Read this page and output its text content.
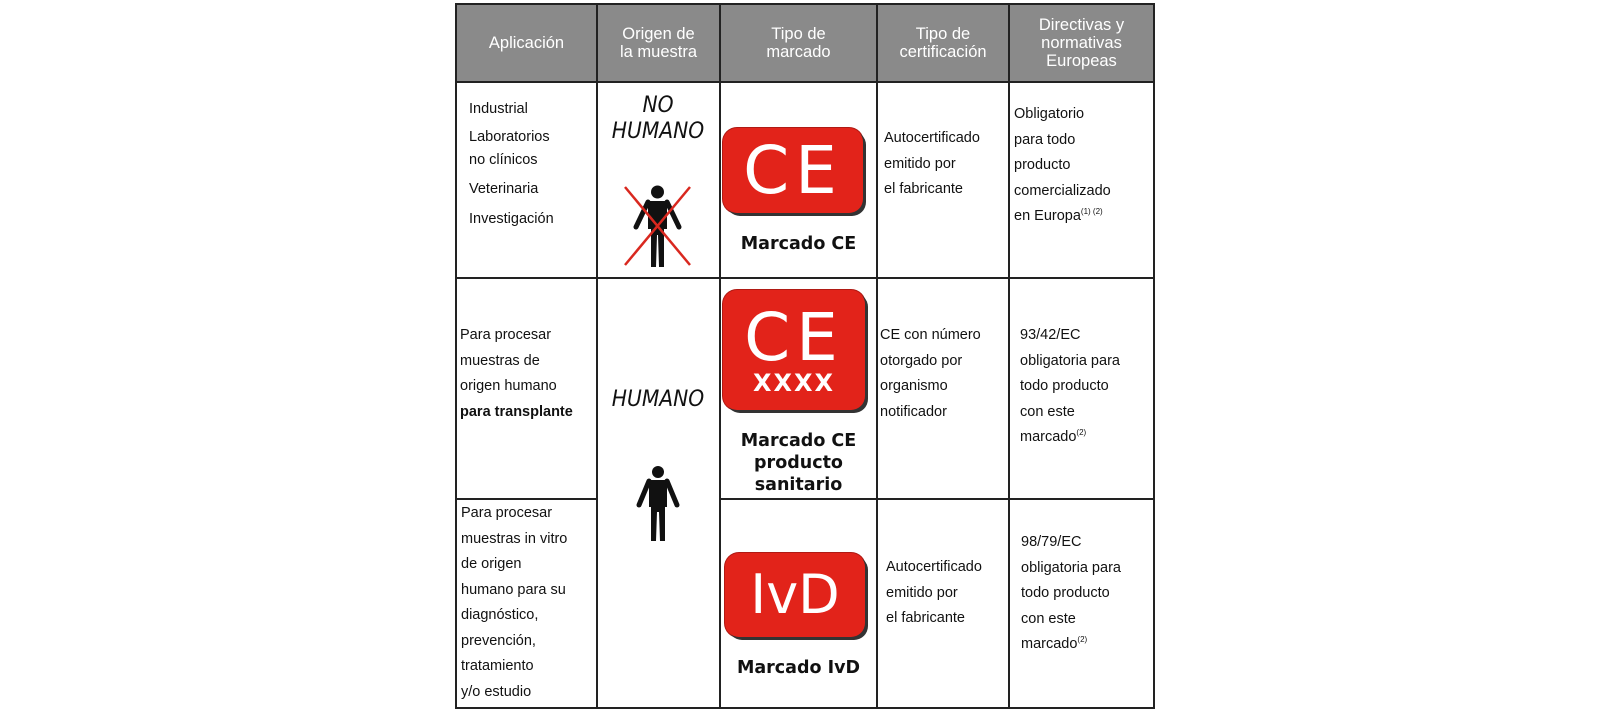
Aplicación	Origen de
la muestra
Tipo de
marcado
Tipo de
certificación
Directivas y
normativas
Europeas
Industrial
Laboratorios
no clínicos
Veterinaria
Investigación
NO
HUMANO CE
Marcado CE
Autocertificado
emitido por
el fabricante
Obligatorio
para todo
producto
comercializado
en Europa$^{(1) (2)}$
Para procesar
muestras de
origen humano
para transplante HUMANO
CE
XXXX
Marcado CE
producto
sanitario
CE con número
otorgado por
organismo
notificador
93/42/EC
obligatoria para
todo producto
con este
marcado$^{(2)}$
Para procesar
muestras in vitro
de origen
humano para su
diagnóstico,
prevención,
tratamiento
y/o estudio
IvD
Marcado IvD
Autocertificado
emitido por
el fabricante
98/79/EC
obligatoria para
todo producto
con este
marcado$^{(2)}$
